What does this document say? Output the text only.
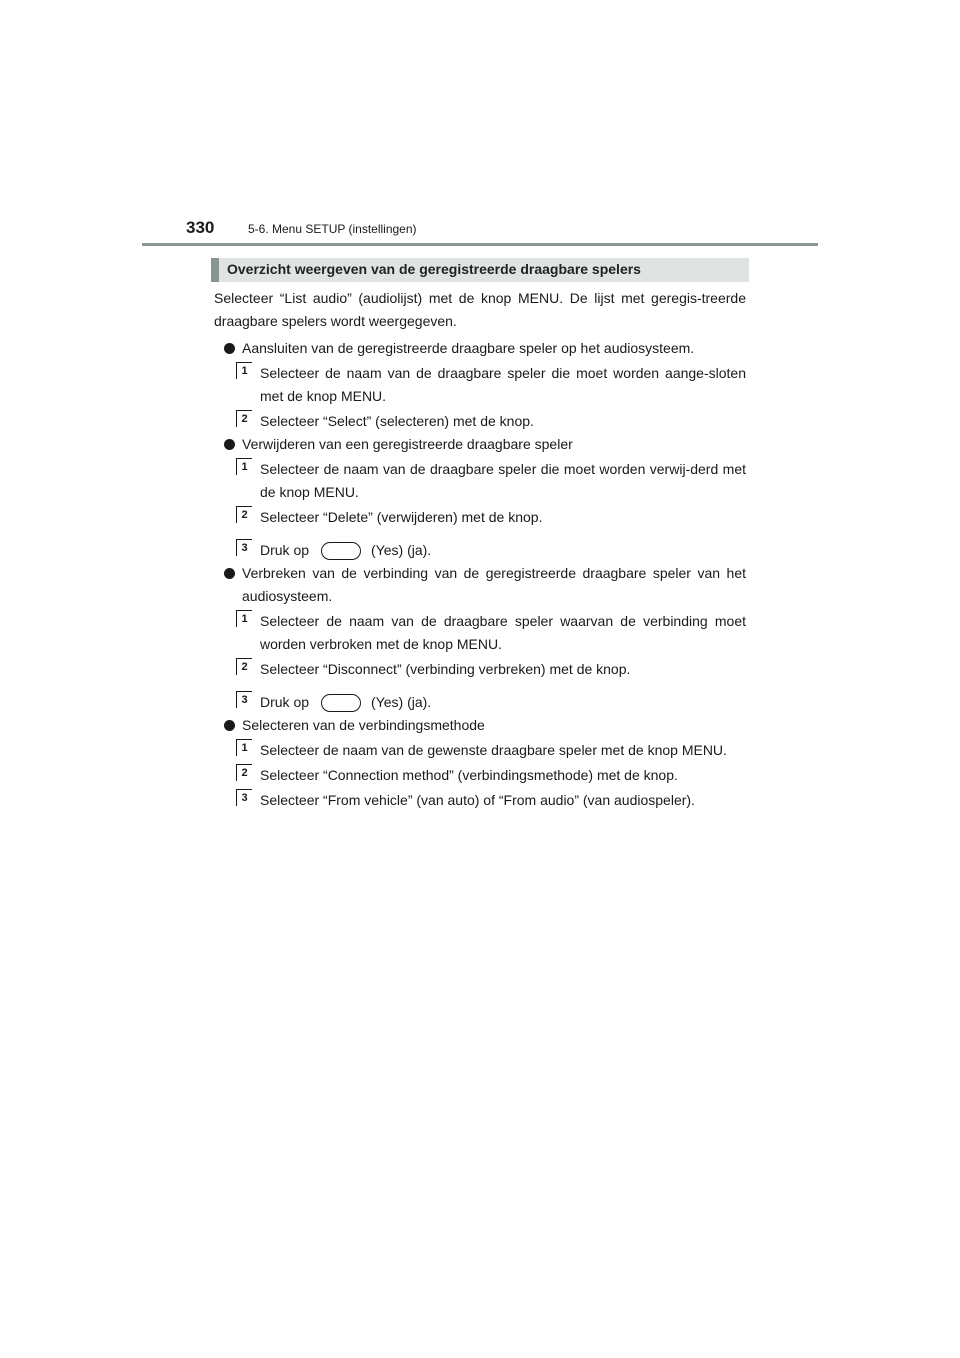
330	5-6. Menu SETUP (instellingen)
Overzicht weergeven van de geregistreerde draagbare spelers

Selecteer “List audio” (audiolijst) met de knop MENU. De lijst met geregis-treerde draagbare spelers wordt weergegeven.

Aansluiten van de geregistreerde draagbare speler op het audiosysteem.

1 Selecteer de naam van de draagbare speler die moet worden aange-sloten met de knop MENU.

2 Selecteer “Select” (selecteren) met de knop.

Verwijderen van een geregistreerde draagbare speler

1 Selecteer de naam van de draagbare speler die moet worden verwij-derd met de knop MENU.

2 Selecteer “Delete” (verwijderen) met de knop.

3 Druk op	(Yes) (ja).

Verbreken van de verbinding van de geregistreerde draagbare speler van het audiosysteem.

1 Selecteer de naam van de draagbare speler waarvan de verbinding moet worden verbroken met de knop MENU.

2 Selecteer “Disconnect” (verbinding verbreken) met de knop.

3 Druk op	(Yes) (ja).

Selecteren van de verbindingsmethode

1 Selecteer de naam van de gewenste draagbare speler met de knop MENU.

2 Selecteer “Connection method” (verbindingsmethode) met de knop.

3 Selecteer “From vehicle” (van auto) of “From audio” (van audiospeler).
